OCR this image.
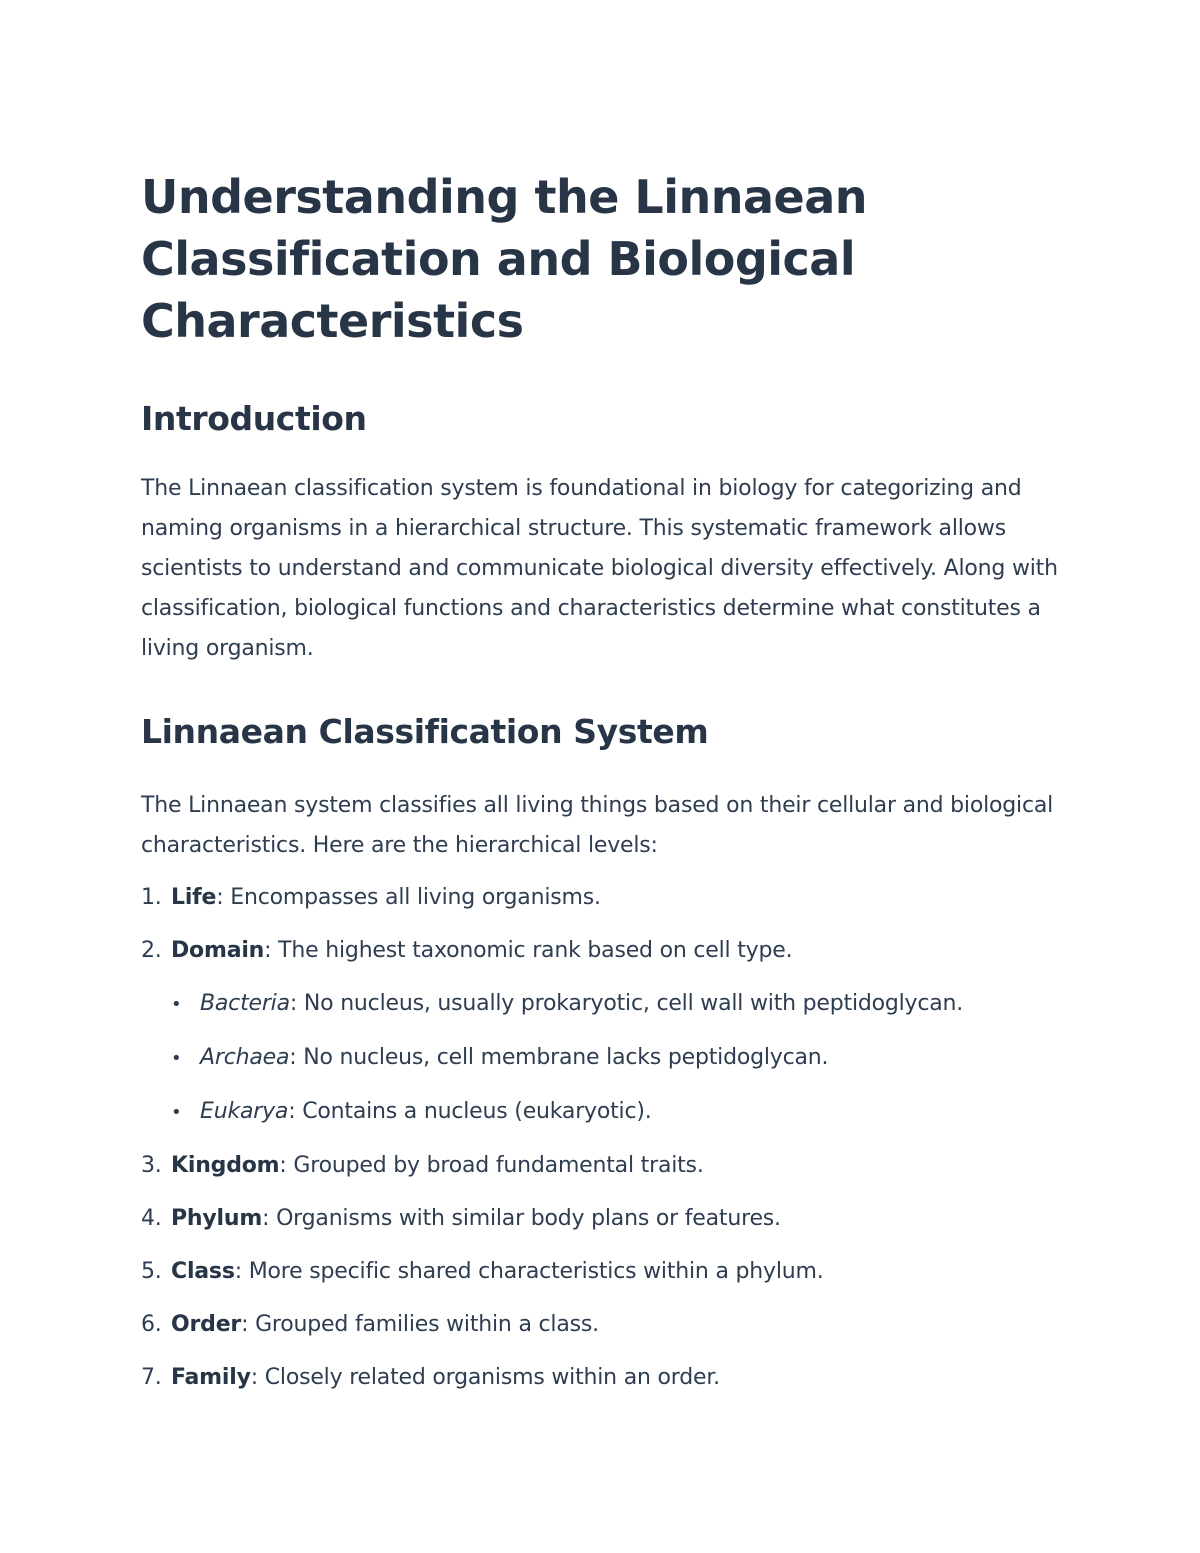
Understanding the Linnaean Classification and Biological Characteristics
Introduction

The Linnaean classification system is foundational in biology for categorizing and naming organisms in a hierarchical structure. This systematic framework allows scientists to understand and communicate biological diversity effectively. Along with classification, biological functions and characteristics determine what constitutes a living organism.

Linnaean Classification System

The Linnaean system classifies all living things based on their cellular and biological characteristics. Here are the hierarchical levels:

1. Life: Encompasses all living organisms.
2. Domain: The highest taxonomic rank based on cell type.
• Bacteria: No nucleus, usually prokaryotic, cell wall with peptidoglycan.
• Archaea: No nucleus, cell membrane lacks peptidoglycan.
• Eukarya: Contains a nucleus (eukaryotic).
3. Kingdom: Grouped by broad fundamental traits.
4. Phylum: Organisms with similar body plans or features.
5. Class: More specific shared characteristics within a phylum.
6. Order: Grouped families within a class.
7. Family: Closely related organisms within an order.
